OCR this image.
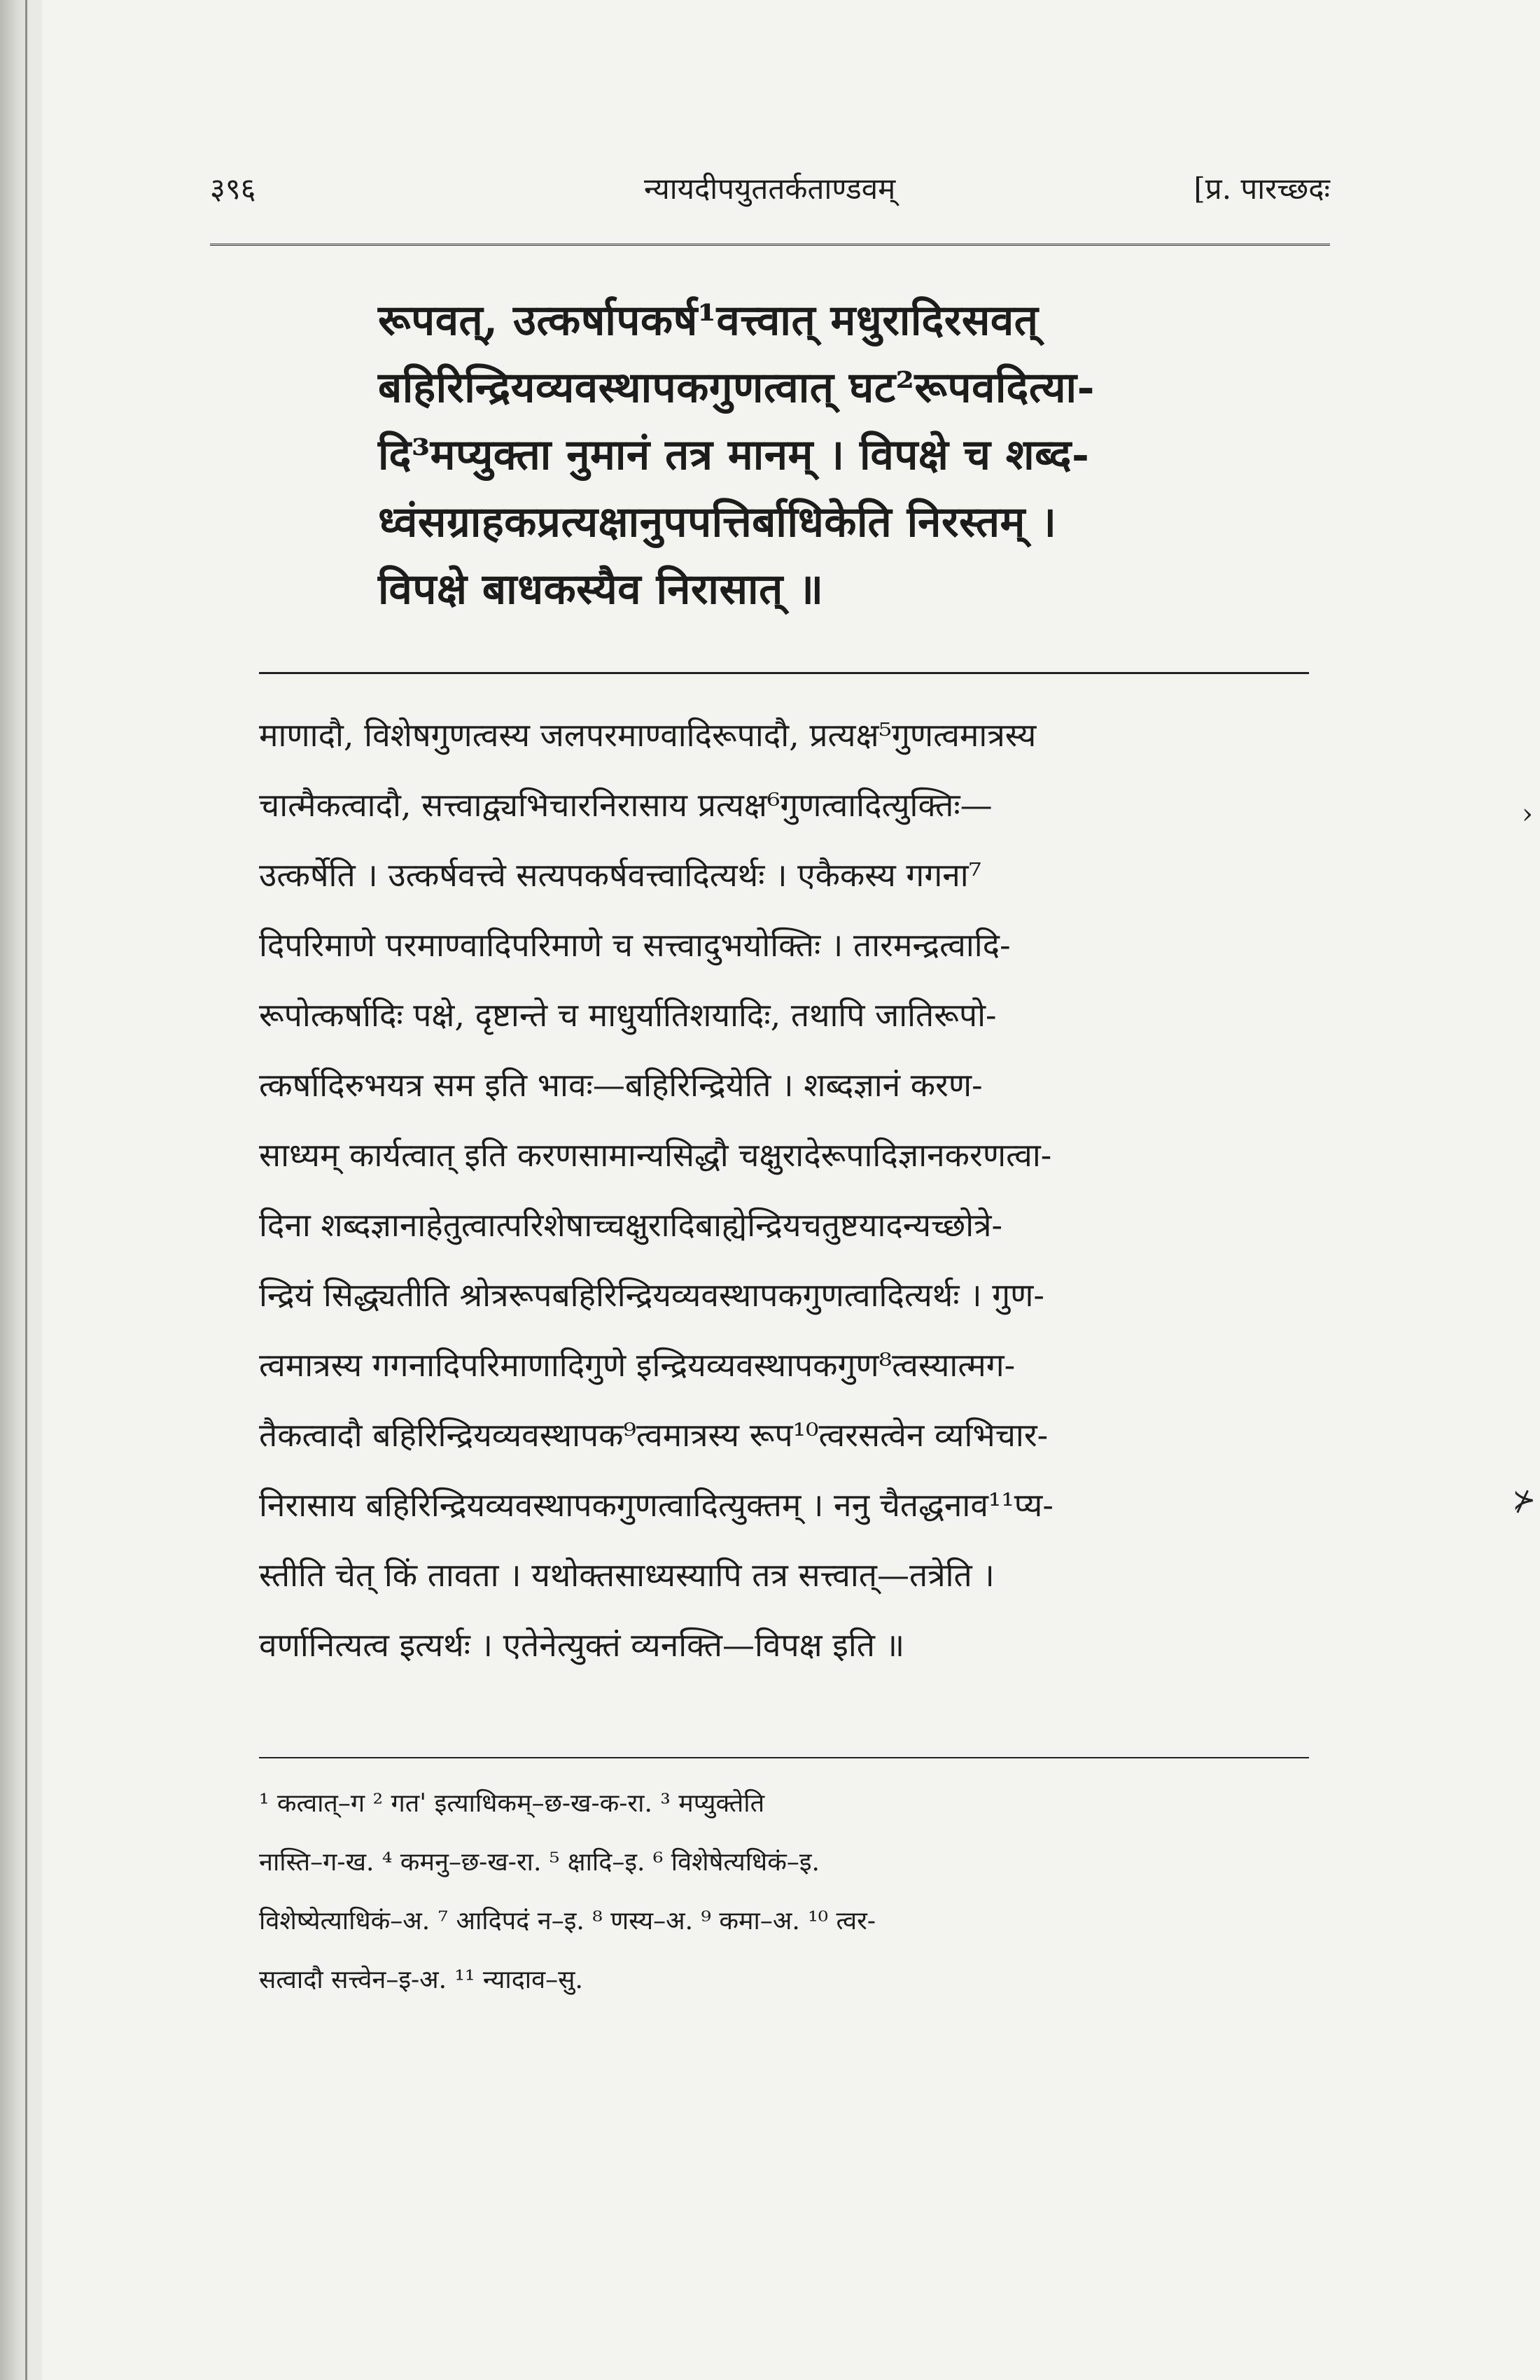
३९६	न्यायदीपयुततर्कताण्डवम्	[प्र. पारच्छदः
रूपवत्, उत्कर्षापकर्ष¹वत्त्वात् मधुरादिरसवत्
बहिरिन्द्रियव्यवस्थापकगुणत्वात् घट²रूपवदित्या-
दि³मप्युक्ता नुमानं तत्र मानम् । विपक्षे च शब्द-
ध्वंसग्राहकप्रत्यक्षानुपपत्तिर्बाधिकेति निरस्तम् ।
विपक्षे बाधकस्यैव निरासात् ॥
माणादौ, विशेषगुणत्वस्य जलपरमाण्वादिरूपादौ, प्रत्यक्ष⁵गुणत्वमात्रस्य
चात्मैकत्वादौ, सत्त्वाद्व्यभिचारनिरासाय प्रत्यक्ष⁶गुणत्वादित्युक्तिः—
उत्कर्षेति । उत्कर्षवत्त्वे सत्यपकर्षवत्त्वादित्यर्थः । एकैकस्य गगना⁷
दिपरिमाणे परमाण्वादिपरिमाणे च सत्त्वादुभयोक्तिः । तारमन्द्रत्वादि-
रूपोत्कर्षादिः पक्षे, दृष्टान्ते च माधुर्यातिशयादिः, तथापि जातिरूपो-
त्कर्षादिरुभयत्र सम इति भावः—बहिरिन्द्रियेति । शब्दज्ञानं करण-
साध्यम् कार्यत्वात् इति करणसामान्यसिद्धौ चक्षुरादेरूपादिज्ञानकरणत्वा-
दिना शब्दज्ञानाहेतुत्वात्परिशेषाच्चक्षुरादिबाह्येन्द्रियचतुष्टयादन्यच्छोत्रे-
न्द्रियं सिद्ध्यतीति श्रोत्ररूपबहिरिन्द्रियव्यवस्थापकगुणत्वादित्यर्थः । गुण-
त्वमात्रस्य गगनादिपरिमाणादिगुणे इन्द्रियव्यवस्थापकगुण⁸त्वस्यात्मग-
तैकत्वादौ बहिरिन्द्रियव्यवस्थापक⁹त्वमात्रस्य रूप¹⁰त्वरसत्वेन व्यभिचार-
निरासाय बहिरिन्द्रियव्यवस्थापकगुणत्वादित्युक्तम् । ननु चैतद्धनाव¹¹प्य-
स्तीति चेत् किं तावता । यथोक्तसाध्यस्यापि तत्र सत्त्वात्—तत्रेति ।
वर्णानित्यत्व इत्यर्थः । एतेनेत्युक्तं व्यनक्ति—विपक्ष इति ॥
¹ कत्वात्–ग ² गत' इत्याधिकम्–छ-ख-क-रा. ³ मप्युक्तेति
नास्ति–ग-ख. ⁴ कमनु–छ-ख-रा. ⁵ क्षादि–इ. ⁶ विशेषेत्यधिकं–इ.
विशेष्येत्याधिकं–अ. ⁷ आदिपदं न–इ. ⁸ णस्य–अ. ⁹ कमा–अ. ¹⁰ त्वर-
सत्वादौ सत्त्वेन–इ-अ. ¹¹ न्यादाव–सु.
›
⊁
